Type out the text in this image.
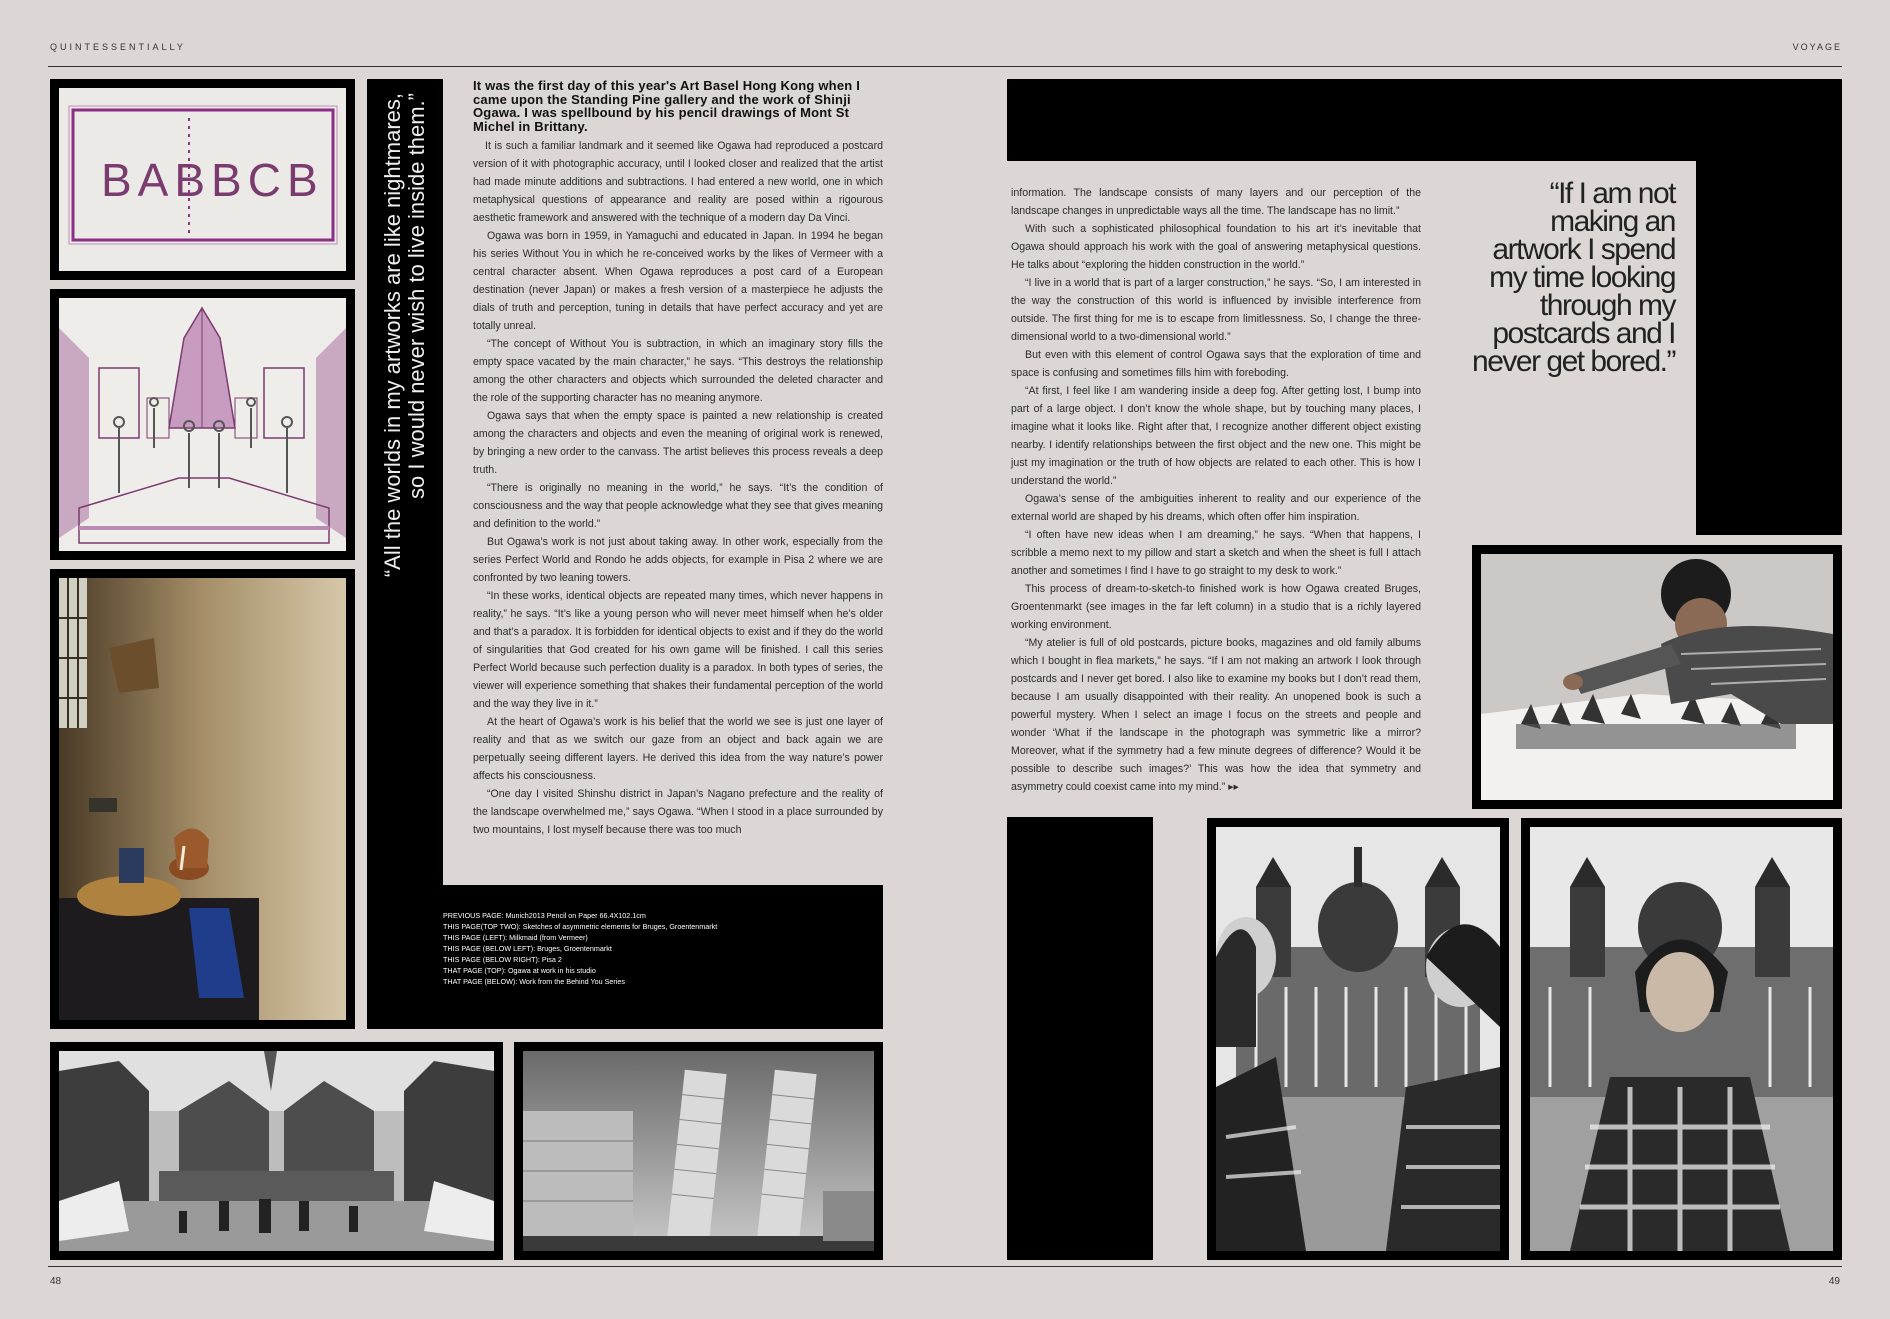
QUINTESSENTIALLY	VOYAGE
BABBCB	“All the worlds in my artworks are like nightmares, so I would never wish to live inside them.”
It was the first day of this year's Art Basel Hong Kong when I came upon the Standing Pine gallery and the work of Shinji Ogawa. I was spellbound by his pencil drawings of Mont St Michel in Brittany.

It is such a familiar landmark and it seemed like Ogawa had reproduced a postcard version of it with photographic accuracy, until I looked closer and realized that the artist had made minute additions and subtractions. I had entered a new world, one in which metaphysical questions of appearance and reality are posed within a rigourous aesthetic framework and answered with the technique of a modern day Da Vinci.

Ogawa was born in 1959, in Yamaguchi and educated in Japan. In 1994 he began his series Without You in which he re-conceived works by the likes of Vermeer with a central character absent. When Ogawa reproduces a post card of a European destination (never Japan) or makes a fresh version of a masterpiece he adjusts the dials of truth and perception, tuning in details that have perfect accuracy and yet are totally unreal.

“The concept of Without You is subtraction, in which an imaginary story fills the empty space vacated by the main character,” he says. “This destroys the relationship among the other characters and objects which surrounded the deleted character and the role of the supporting character has no meaning anymore.

Ogawa says that when the empty space is painted a new relationship is created among the characters and objects and even the meaning of original work is renewed, by bringing a new order to the canvass. The artist believes this process reveals a deep truth.

“There is originally no meaning in the world,” he says. “It’s the condition of consciousness and the way that people acknowledge what they see that gives meaning and definition to the world.”

But Ogawa’s work is not just about taking away. In other work, especially from the series Perfect World and Rondo he adds objects, for example in Pisa 2 where we are confronted by two leaning towers.

“In these works, identical objects are repeated many times, which never happens in reality,” he says. “It’s like a young person who will never meet himself when he’s older and that’s a paradox. It is forbidden for identical objects to exist and if they do the world of singularities that God created for his own game will be finished. I call this series Perfect World because such perfection duality is a paradox. In both types of series, the viewer will experience something that shakes their fundamental perception of the world and the way they live in it.”

At the heart of Ogawa’s work is his belief that the world we see is just one layer of reality and that as we switch our gaze from an object and back again we are perpetually seeing different layers. He derived this idea from the way nature’s power affects his consciousness.

“One day I visited Shinshu district in Japan’s Nagano prefecture and the reality of the landscape overwhelmed me,” says Ogawa. “When I stood in a place surrounded by two mountains, I lost myself because there was too much

PREVIOUS PAGE: Munich2013 Pencil on Paper 66.4X102.1cm
THIS PAGE(TOP TWO): Sketches of asymmetric elements for Bruges, Groentenmarkt
THIS PAGE (LEFT): Milkmaid (from Vermeer)
THIS PAGE (BELOW LEFT): Bruges, Groentenmarkt
THIS PAGE (BELOW RIGHT): Pisa 2
THAT PAGE (TOP): Ogawa at work in his studio
THAT PAGE (BELOW): Work from the Behind You Series

information. The landscape consists of many layers and our perception of the landscape changes in unpredictable ways all the time. The landscape has no limit.”

With such a sophisticated philosophical foundation to his art it’s inevitable that Ogawa should approach his work with the goal of answering metaphysical questions. He talks about “exploring the hidden construction in the world.”

“I live in a world that is part of a larger construction,” he says. “So, I am interested in the way the construction of this world is influenced by invisible interference from outside. The first thing for me is to escape from limitlessness. So, I change the three-dimensional world to a two-dimensional world.”

But even with this element of control Ogawa says that the exploration of time and space is confusing and sometimes fills him with foreboding.

“At first, I feel like I am wandering inside a deep fog. After getting lost, I bump into part of a large object. I don’t know the whole shape, but by touching many places, I imagine what it looks like. Right after that, I recognize another different object existing nearby. I identify relationships between the first object and the new one. This might be just my imagination or the truth of how objects are related to each other. This is how I understand the world.”

Ogawa’s sense of the ambiguities inherent to reality and our experience of the external world are shaped by his dreams, which often offer him inspiration.

“I often have new ideas when I am dreaming,” he says. “When that happens, I scribble a memo next to my pillow and start a sketch and when the sheet is full I attach another and sometimes I find I have to go straight to my desk to work.”

This process of dream-to-sketch-to finished work is how Ogawa created Bruges, Groentenmarkt (see images in the far left column) in a studio that is a richly layered working environment.

“My atelier is full of old postcards, picture books, magazines and old family albums which I bought in flea markets,” he says. “If I am not making an artwork I look through postcards and I never get bored. I also like to examine my books but I don’t read them, because I am usually disappointed with their reality. An unopened book is such a powerful mystery. When I select an image I focus on the streets and people and wonder ‘What if the landscape in the photograph was symmetric like a mirror? Moreover, what if the symmetry had a few minute degrees of difference? Would it be possible to describe such images?’ This was how the idea that symmetry and asymmetry could coexist came into my mind.” ▸▸

“If I am not making an artwork I spend my time looking through my postcards and I never get bored.”
48	49
